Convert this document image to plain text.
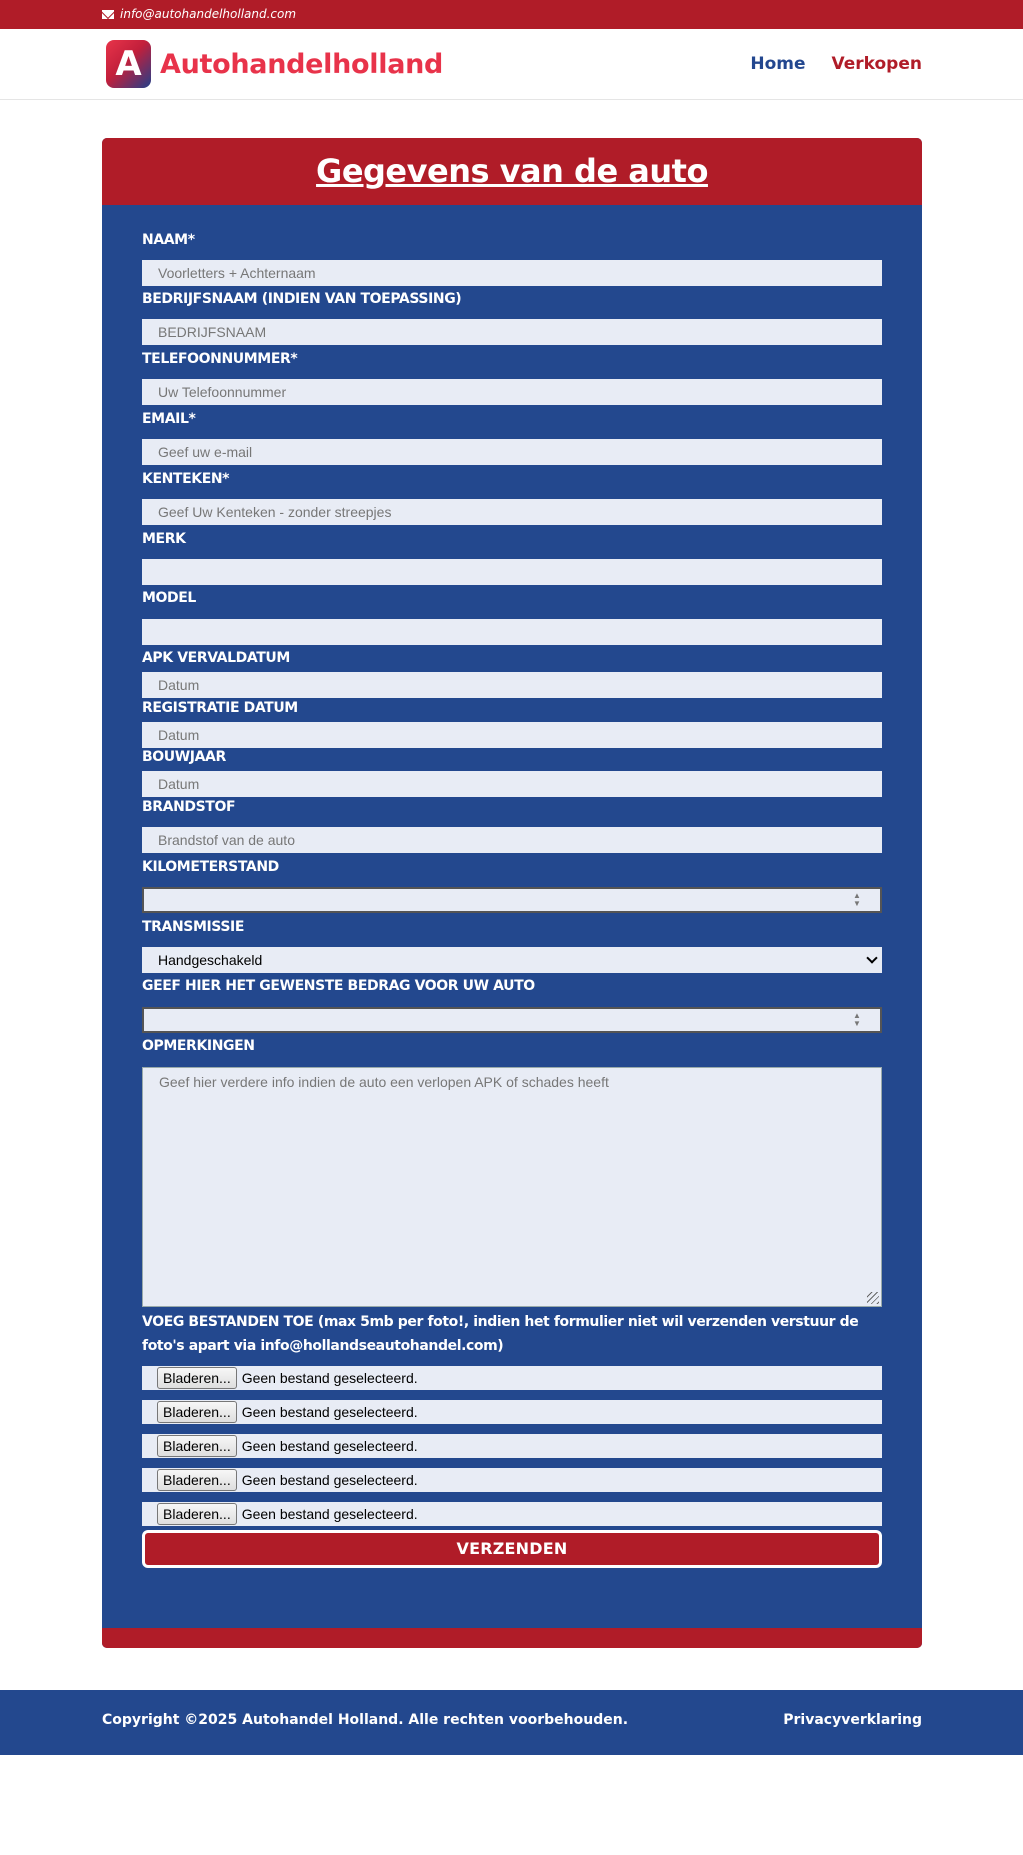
info@autohandelholland.com
A Autohandelholland	Home Verkopen
Gegevens van de auto
NAAM*
Voorletters + Achternaam
BEDRIJFSNAAM (INDIEN VAN TOEPASSING)
BEDRIJFSNAAM
TELEFOONNUMMER*
Uw Telefoonnummer
EMAIL*
Geef uw e-mail
KENTEKEN*
Geef Uw Kenteken - zonder streepjes
MERK
MODEL
APK VERVALDATUM
Datum
REGISTRATIE DATUM
Datum
BOUWJAAR
Datum
BRANDSTOF
Brandstof van de auto
KILOMETERSTAND
▲
▼
TRANSMISSIE
Handgeschakeld
GEEF HIER HET GEWENSTE BEDRAG VOOR UW AUTO
▲
▼
OPMERKINGEN
Geef hier verdere info indien de auto een verlopen APK of schades heeft
VOEG BESTANDEN TOE (max 5mb per foto!, indien het formulier niet wil verzenden verstuur de foto's apart via info@hollandseautohandel.com)
Bladeren... Geen bestand geselecteerd.
Bladeren... Geen bestand geselecteerd.
Bladeren... Geen bestand geselecteerd.
Bladeren... Geen bestand geselecteerd.
Bladeren... Geen bestand geselecteerd.
VERZENDEN
Copyright ©2025 Autohandel Holland. Alle rechten voorbehouden.	Privacyverklaring
